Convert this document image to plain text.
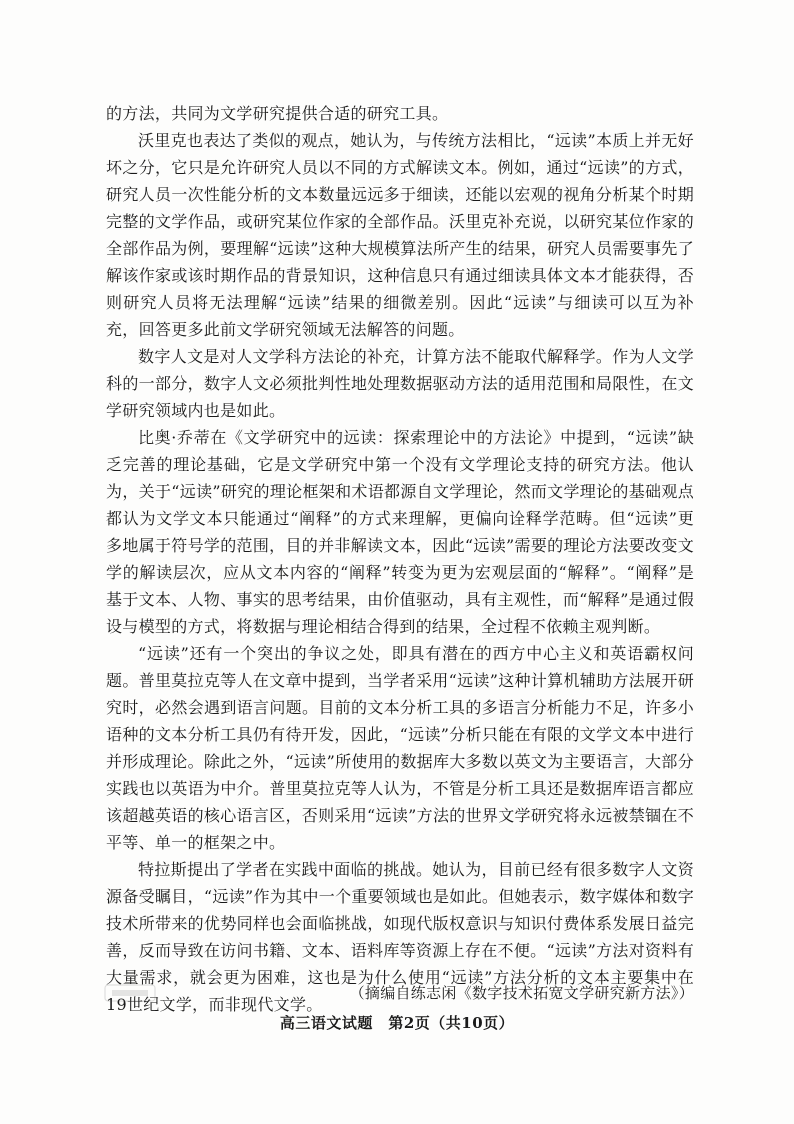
的方法，共同为文学研究提供合适的研究工具。

沃里克也表达了类似的观点，她认为，与传统方法相比，“远读”本质上并无好坏之分，它只是允许研究人员以不同的方式解读文本。例如，通过“远读”的方式，研究人员一次性能分析的文本数量远远多于细读，还能以宏观的视角分析某个时期完整的文学作品，或研究某位作家的全部作品。沃里克补充说，以研究某位作家的全部作品为例，要理解“远读”这种大规模算法所产生的结果，研究人员需要事先了解该作家或该时期作品的背景知识，这种信息只有通过细读具体文本才能获得，否则研究人员将无法理解“远读”结果的细微差别。因此“远读”与细读可以互为补充，回答更多此前文学研究领域无法解答的问题。

数字人文是对人文学科方法论的补充，计算方法不能取代解释学。作为人文学科的一部分，数字人文必须批判性地处理数据驱动方法的适用范围和局限性，在文学研究领域内也是如此。

比奥·乔蒂在《文学研究中的远读：探索理论中的方法论》中提到，“远读”缺乏完善的理论基础，它是文学研究中第一个没有文学理论支持的研究方法。他认为，关于“远读”研究的理论框架和术语都源自文学理论，然而文学理论的基础观点都认为文学文本只能通过“阐释”的方式来理解，更偏向诠释学范畴。但“远读”更多地属于符号学的范围，目的并非解读文本，因此“远读”需要的理论方法要改变文学的解读层次，应从文本内容的“阐释”转变为更为宏观层面的“解释”。“阐释”是基于文本、人物、事实的思考结果，由价值驱动，具有主观性，而“解释”是通过假设与模型的方式，将数据与理论相结合得到的结果，全过程不依赖主观判断。

“远读”还有一个突出的争议之处，即具有潜在的西方中心主义和英语霸权问题。普里莫拉克等人在文章中提到，当学者采用“远读”这种计算机辅助方法展开研究时，必然会遇到语言问题。目前的文本分析工具的多语言分析能力不足，许多小语种的文本分析工具仍有待开发，因此，“远读”分析只能在有限的文学文本中进行并形成理论。除此之外，“远读”所使用的数据库大多数以英文为主要语言，大部分实践也以英语为中介。普里莫拉克等人认为，不管是分析工具还是数据库语言都应该超越英语的核心语言区，否则采用“远读”方法的世界文学研究将永远被禁锢在不平等、单一的框架之中。

特拉斯提出了学者在实践中面临的挑战。她认为，目前已经有很多数字人文资源备受瞩目，“远读”作为其中一个重要领域也是如此。但她表示，数字媒体和数字技术所带来的优势同样也会面临挑战，如现代版权意识与知识付费体系发展日益完善，反而导致在访问书籍、文本、语料库等资源上存在不便。“远读”方法对资料有大量需求，就会更为困难，这也是为什么使用“远读”方法分析的文本主要集中在19世纪文学，而非现代文学。

（摘编自练志闲《数字技术拓宽文学研究新方法》）
高三语文试题　第2页（共10页）
